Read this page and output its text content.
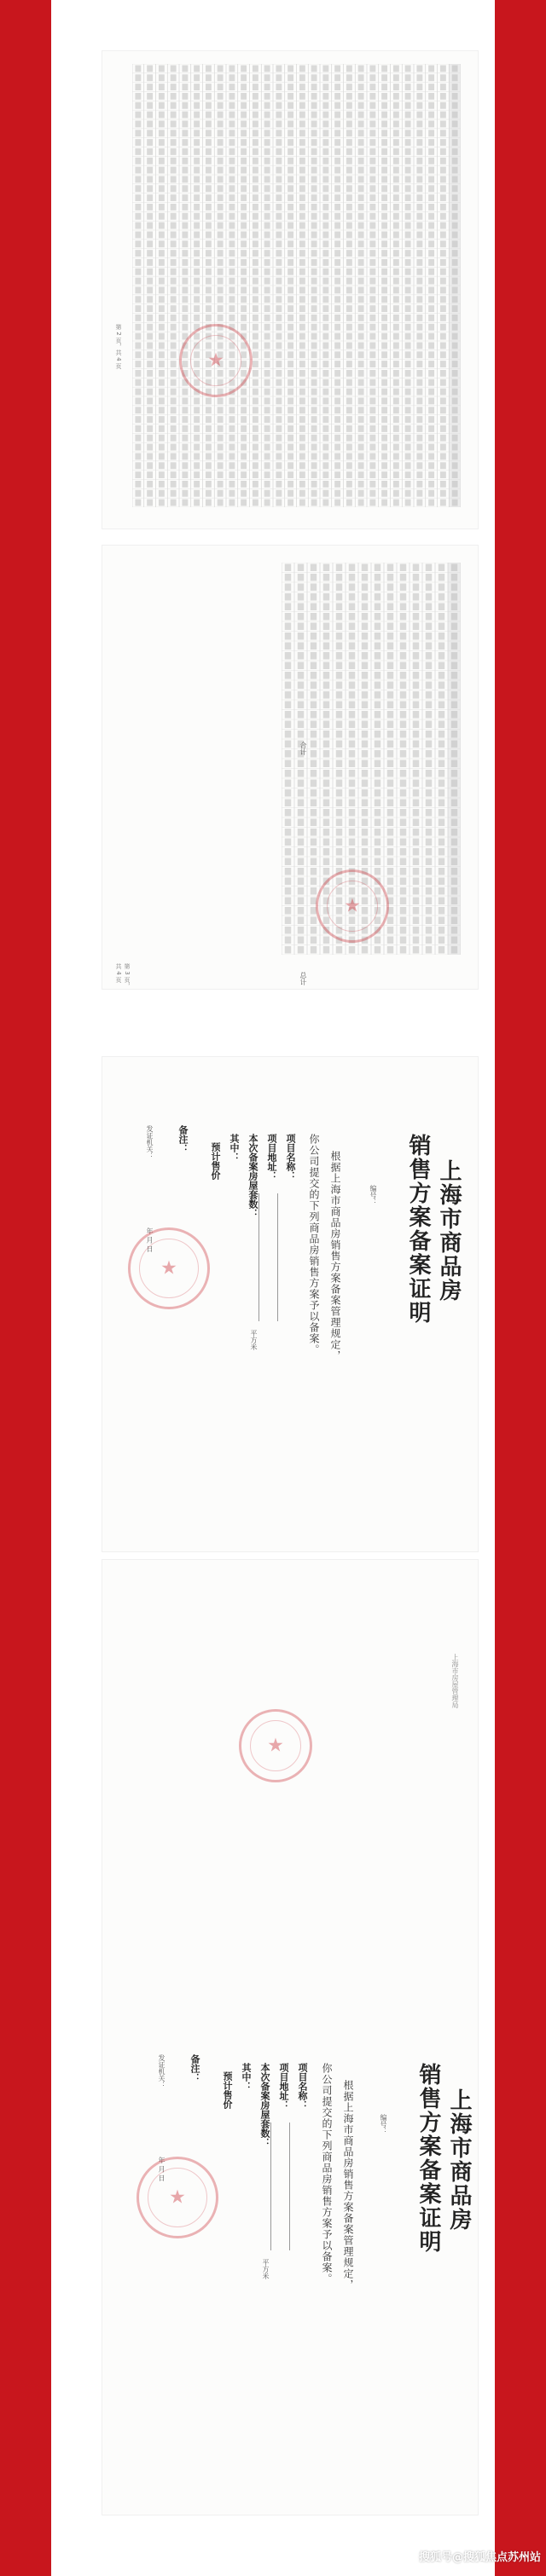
★
第 2 页，共 4 页
合计
总计
★
第 3 页，共 4 页
上海市商品房
销售方案备案证明
编号：
根据上海市商品房销售方案备案管理规定，
你公司提交的下列商品房销售方案予以备案。
项目名称：
项目地址：
本次备案房屋套数：
平方米
其中：
预计售价
备注：
发证机关：
年 月 日
★
上海市房屋管理局
★
上海市商品房
销售方案备案证明
编号：
根据上海市商品房销售方案备案管理规定，
你公司提交的下列商品房销售方案予以备案。
项目名称：
项目地址：
本次备案房屋套数：
平方米
其中：
预计售价
备注：
发证机关：
年 月 日
★
搜狐号@搜狐焦点苏州站
